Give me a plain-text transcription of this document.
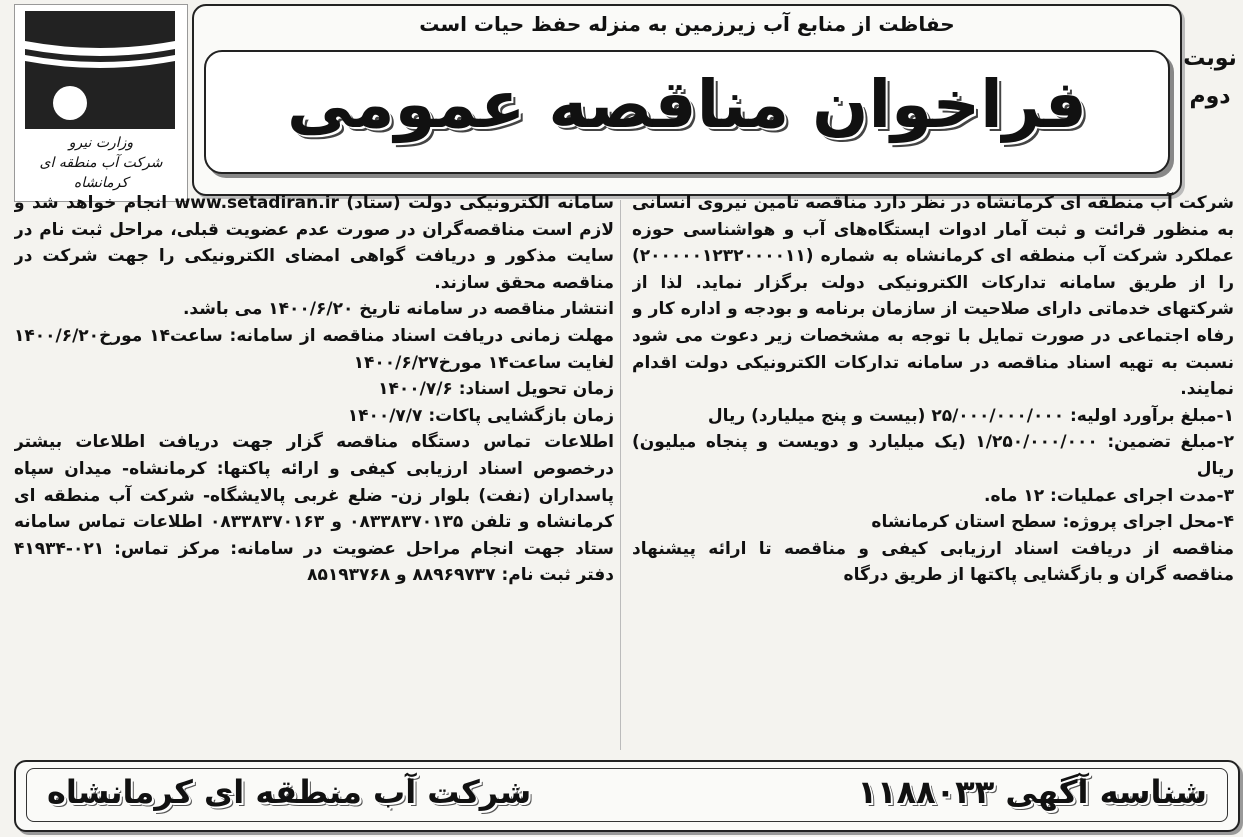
وزارت نیرو
شرکت آب منطقه ای کرمانشاه
حفاظت از منابع آب زیرزمین به منزله حفظ حیات است
فراخوان مناقصه عمومی
نوبت
دوم

شرکت آب منطقه ای کرمانشاه در نظر دارد مناقصه تامین نیروی انسانی به منظور قرائت و ثبت آمار ادوات ایستگاه‌های آب و هواشناسی حوزه عملکرد شرکت آب منطقه ای کرمانشاه به شماره (۲۰۰۰۰۰۱۲۳۲۰۰۰۰۱۱) را از طریق سامانه تدارکات الکترونیکی دولت برگزار نماید. لذا از شرکتهای خدماتی دارای صلاحیت از سازمان برنامه و بودجه و اداره کار و رفاه اجتماعی در صورت تمایل با توجه به مشخصات زیر دعوت می شود نسبت به تهیه اسناد مناقصه در سامانه تدارکات الکترونیکی دولت اقدام نمایند.

۱-مبلغ برآورد اولیه: ۲۵/۰۰۰/۰۰۰/۰۰۰ (بیست و پنج میلیارد) ریال

۲-مبلغ تضمین: ۱/۲۵۰/۰۰۰/۰۰۰ (یک میلیارد و دویست و پنجاه میلیون) ریال

۳-مدت اجرای عملیات: ۱۲ ماه.

۴-محل اجرای پروژه: سطح استان کرمانشاه

مناقصه از دریافت اسناد ارزیابی کیفی و مناقصه تا ارائه پیشنهاد مناقصه گران و بازگشایی پاکتها از طریق درگاه

سامانه الکترونیکی دولت (ستاد) www.setadiran.ir انجام خواهد شد و لازم است مناقصه‌گران در صورت عدم عضویت قبلی، مراحل ثبت نام در سایت مذکور و دریافت گواهی امضای الکترونیکی را جهت شرکت در مناقصه محقق سازند.

انتشار مناقصه در سامانه تاریخ ۱۴۰۰/۶/۲۰ می باشد.

مهلت زمانی دریافت اسناد مناقصه از سامانه: ساعت۱۴ مورخ۱۴۰۰/۶/۲۰ لغایت ساعت۱۴ مورخ۱۴۰۰/۶/۲۷

زمان تحویل اسناد: ۱۴۰۰/۷/۶

زمان بازگشایی پاکات: ۱۴۰۰/۷/۷

اطلاعات تماس دستگاه مناقصه گزار جهت دریافت اطلاعات بیشتر درخصوص اسناد ارزیابی کیفی و ارائه پاکتها: کرمانشاه- میدان سپاه پاسداران (نفت) بلوار زن- ضلع غربی پالایشگاه- شرکت آب منطقه ای کرمانشاه و تلفن ۰۸۳۳۸۳۷۰۱۳۵ و ۰۸۳۳۸۳۷۰۱۶۳ اطلاعات تماس سامانه ستاد جهت انجام مراحل عضویت در سامانه: مرکز تماس: ۰۲۱-۴۱۹۳۴ دفتر ثبت نام: ۸۸۹۶۹۷۳۷ و ۸۵۱۹۳۷۶۸

شناسه آگهی ۱۱۸۸۰۳۳
شرکت آب منطقه ای کرمانشاه
